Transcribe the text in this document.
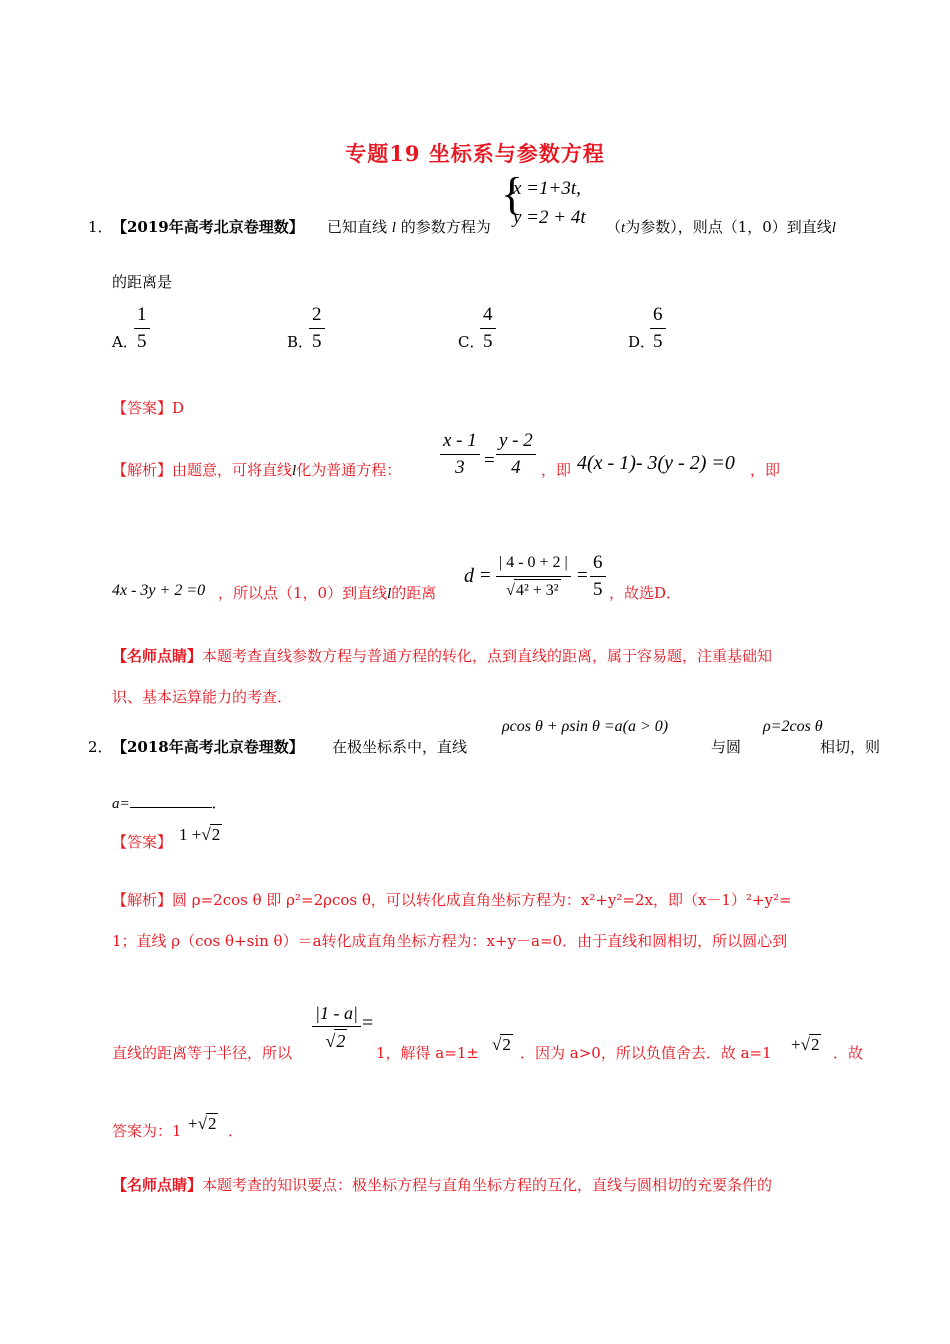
专题19 坐标系与参数方程
1． 【2019年高考北京卷理数】 已知直线 l 的参数方程为
{
x =1+3t,
y =2 + 4t （t为参数），则点（1，0）到直线l
的距离是
A．
$\frac{1}{5}$	B．
$\frac{2}{5}$	C．
$\frac{4}{5}$	D．
$\frac{6}{5}$
【答案】D
【解析】由题意，可将直线l化为普通方程： $\frac{x - 1}{3} = \frac{y - 2}{4}$ ，即 4(x - 1)- 3(y - 2) =0 ，即
4x - 3y + 2 =0 ，所以点（1，0）到直线l的距离
$d = \frac{| 4 - 0 + 2 |}{\text{√ 4² + 3²}} = \frac{6}{5}$ ，故选D．
【名师点睛】本题考查直线参数方程与普通方程的转化，点到直线的距离，属于容易题，注重基础知
识、基本运算能力的考查．
2． 【2018年高考北京卷理数】 在极坐标系中，直线
ρcos θ + ρsin θ =a(a > 0)
与圆
ρ=2cos θ
相切，则
a=	．
【答案】 1 + √ 2
【解析】圆 ρ=2cos θ 即 ρ²=2ρcos θ，可以转化成直角坐标方程为：x²+y²=2x，即（x－1）²+y²=
1；直线 ρ（cos θ+sin θ）＝a转化成直角坐标方程为：x+y－a=0．由于直线和圆相切，所以圆心到
直线的距离等于半径，所以
$\frac{|1 - a|}{√ 2}$ =
1，解得 a=1± √ 2 ．因为 a>0，所以负值舍去．故 a=1 + √ 2 ．故
答案为：1 + √ 2 ．
【名师点睛】本题考查的知识要点：极坐标方程与直角坐标方程的互化，直线与圆相切的充要条件的
